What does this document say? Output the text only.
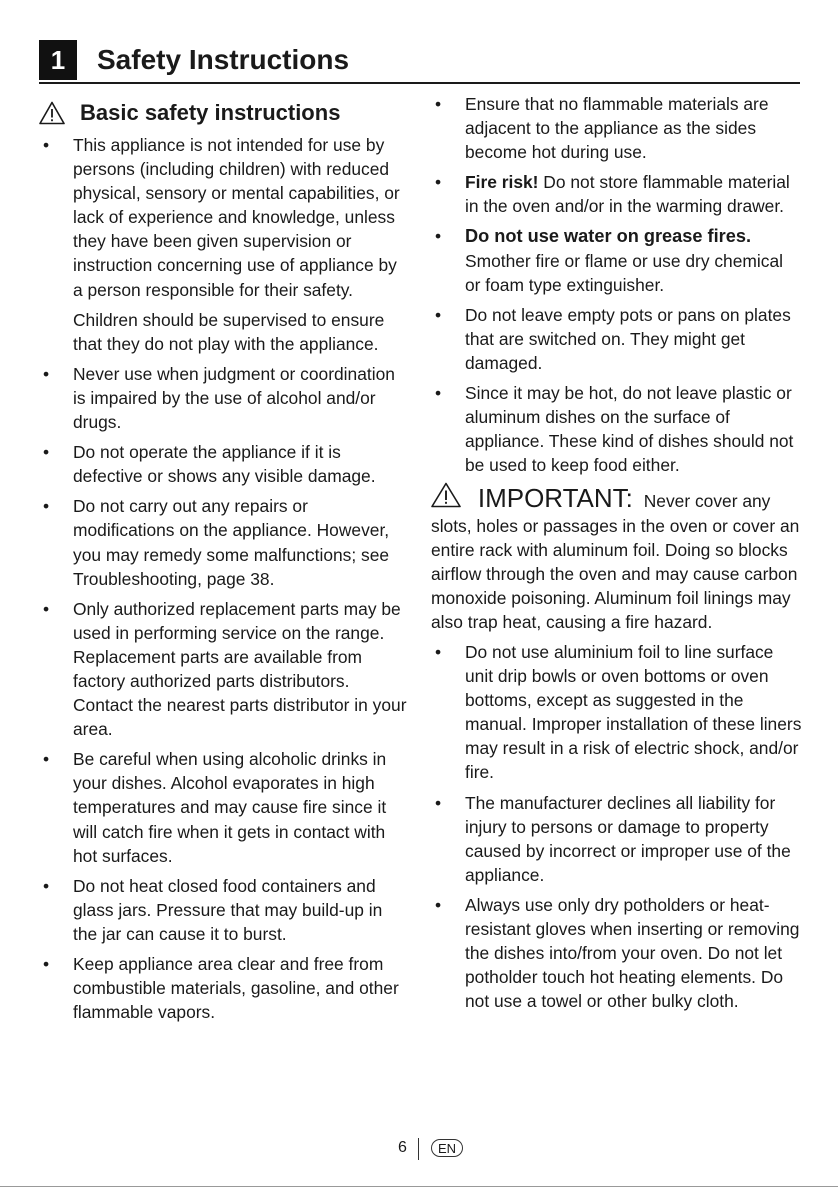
1	Safety Instructions
Basic safety instructions
• This appliance is not intended for use by persons (including children) with reduced physical, sensory or mental capabilities, or lack of experience and knowledge, unless they have been given supervision or instruction concerning use of appliance by a person responsible for their safety.

Children should be supervised to ensure that they do not play with the appliance.

• Never use when judgment or coordination is impaired by the use of alcohol and/or drugs.

• Do not operate the appliance if it is defective or shows any visible damage.

• Do not carry out any repairs or modifications on the appliance. However, you may remedy some malfunctions; see Troubleshooting, page 38.

• Only authorized replacement parts may be used in performing service on the range. Replacement parts are available from factory authorized parts distributors. Contact the nearest parts distributor in your area.

• Be careful when using alcoholic drinks in your dishes. Alcohol evaporates in high temperatures and may cause fire since it will catch fire when it gets in contact with hot surfaces.

• Do not heat closed food containers and glass jars. Pressure that may build-up in the jar can cause it to burst.

• Keep appliance area clear and free from combustible materials, gasoline, and other flammable vapors.

• Ensure that no flammable materials are adjacent to the appliance as the sides become hot during use.

• Fire risk! Do not store flammable material in the oven and/or in the warming drawer.

• Do not use water on grease fires. Smother fire or flame or use dry chemical or foam type extinguisher.

• Do not leave empty pots or pans on plates that are switched on. They might get damaged.

• Since it may be hot, do not leave plastic or aluminum dishes on the surface of appliance. These kind of dishes should not be used to keep food either.

IMPORTANT: Never cover any slots, holes or passages in the oven or cover an entire rack with aluminum foil. Doing so blocks airflow through the oven and may cause carbon monoxide poisoning. Aluminum foil linings may also trap heat, causing a fire hazard.
• Do not use aluminium foil to line surface unit drip bowls or oven bottoms or oven bottoms, except as suggested in the manual. Improper installation of these liners may result in a risk of electric shock, and/or fire.

• The manufacturer declines all liability for injury to persons or damage to property caused by incorrect or improper use of the appliance.

• Always use only dry potholders or heat-resistant gloves when inserting or removing the dishes into/from your oven. Do not let potholder touch hot heating elements. Do not use a towel or other bulky cloth.

6	EN
